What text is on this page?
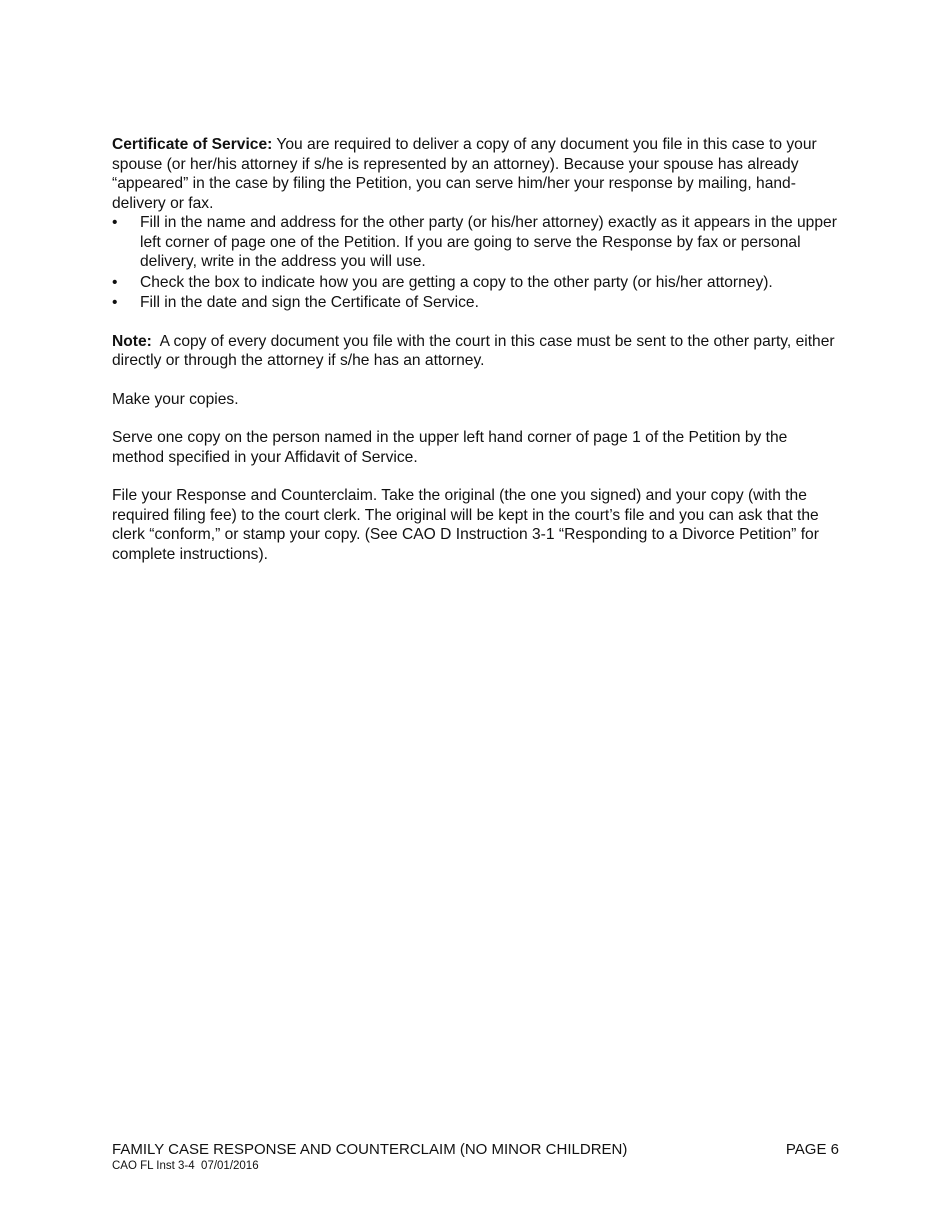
Certificate of Service: You are required to deliver a copy of any document you file in this case to your spouse (or her/his attorney if s/he is represented by an attorney). Because your spouse has already “appeared” in the case by filing the Petition, you can serve him/her your response by mailing, hand-delivery or fax.

•	Fill in the name and address for the other party (or his/her attorney) exactly as it appears in the upper left corner of page one of the Petition. If you are going to serve the Response by fax or personal delivery, write in the address you will use.
•	Check the box to indicate how you are getting a copy to the other party (or his/her attorney).
•	Fill in the date and sign the Certificate of Service.

Note:  A copy of every document you file with the court in this case must be sent to the other party, either directly or through the attorney if s/he has an attorney.

Make your copies.

Serve one copy on the person named in the upper left hand corner of page 1 of the Petition by the method specified in your Affidavit of Service.

File your Response and Counterclaim. Take the original (the one you signed) and your copy (with the required filing fee) to the court clerk. The original will be kept in the court’s file and you can ask that the clerk “conform,” or stamp your copy. (See CAO D Instruction 3-1 “Responding to a Divorce Petition” for complete instructions).

FAMILY CASE RESPONSE AND COUNTERCLAIM (NO MINOR CHILDREN)	PAGE 6
CAO FL Inst 3-4  07/01/2016
